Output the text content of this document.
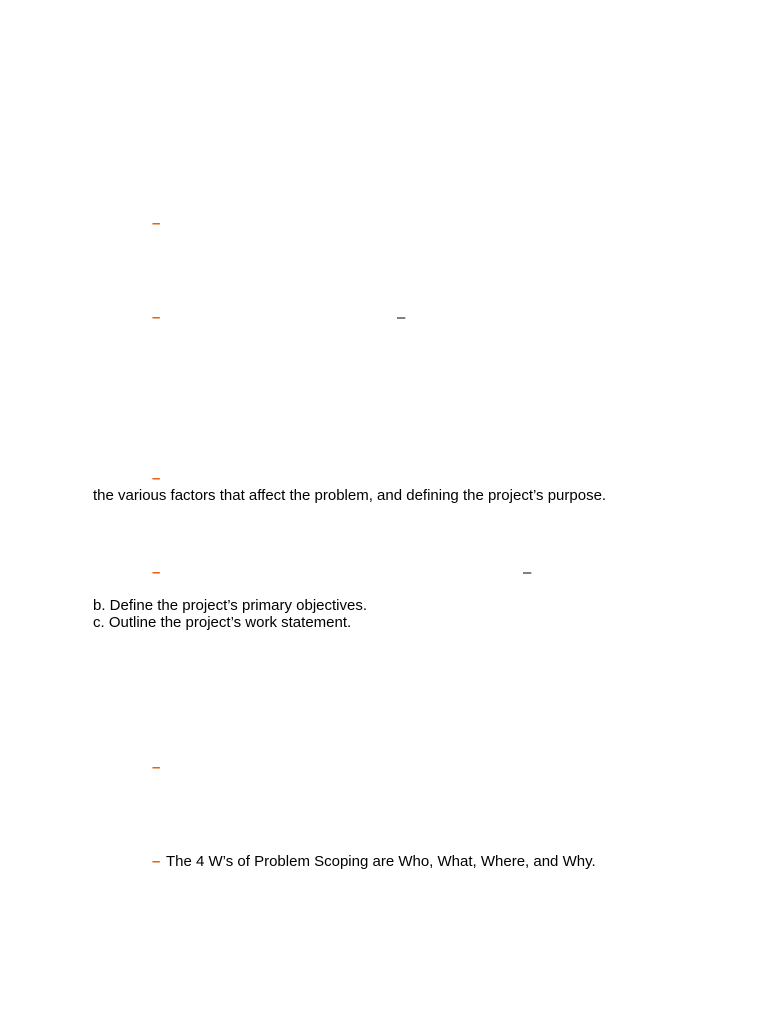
–
–	–
–

the various factors that affect the problem, and defining the project’s purpose.

–	–

b. Define the project’s primary objectives.

c. Outline the project’s work statement.

–
– The 4 W’s of Problem Scoping are Who, What, Where, and Why.
